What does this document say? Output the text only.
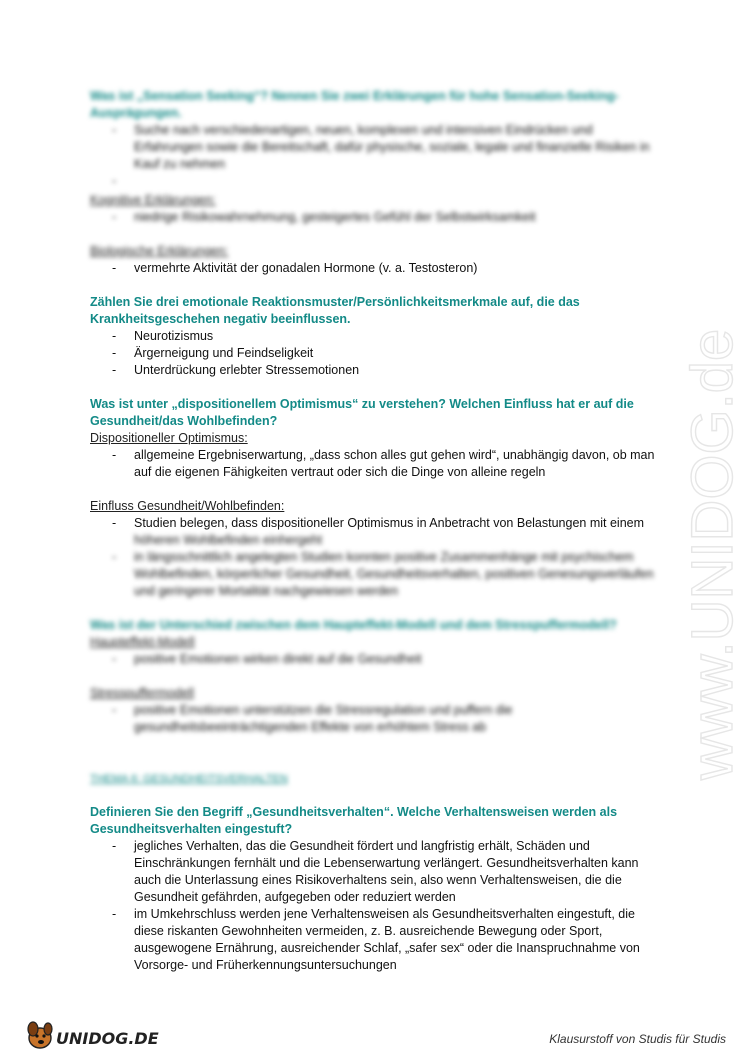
www.UNIDOG.de

Was ist „Sensation Seeking“? Nennen Sie zwei Erklärungen für hohe Sensation-Seeking-Ausprägungen.

- Suche nach verschiedenartigen, neuen, komplexen und intensiven Eindrücken und Erfahrungen sowie die Bereitschaft, dafür physische, soziale, legale und finanzielle Risiken in Kauf zu nehmen
-

Kognitive Erklärungen:

- niedrige Risikowahrnehmung, gesteigertes Gefühl der Selbstwirksamkeit

Biologische Erklärungen:

- vermehrte Aktivität der gonadalen Hormone (v. a. Testosteron)

Zählen Sie drei emotionale Reaktionsmuster/Persönlichkeitsmerkmale auf, die das Krankheitsgeschehen negativ beeinflussen.

- Neurotizismus
- Ärgerneigung und Feindseligkeit
- Unterdrückung erlebter Stressemotionen

Was ist unter „dispositionellem Optimismus“ zu verstehen? Welchen Einfluss hat er auf die Gesundheit/das Wohlbefinden?

Dispositioneller Optimismus:

- allgemeine Ergebniserwartung, „dass schon alles gut gehen wird“, unabhängig davon, ob man auf die eigenen Fähigkeiten vertraut oder sich die Dinge von alleine regeln

Einfluss Gesundheit/Wohlbefinden:

- Studien belegen, dass dispositioneller Optimismus in Anbetracht von Belastungen mit einem
höheren Wohlbefinden einhergeht
- in längsschnittlich angelegten Studien konnten positive Zusammenhänge mit psychischem Wohlbefinden, körperlicher Gesundheit, Gesundheitsverhalten, positiven Genesungsverläufen und geringerer Mortalität nachgewiesen werden

Was ist der Unterschied zwischen dem Haupteffekt-Modell und dem Stresspuffermodell?

Haupteffekt-Modell

- positive Emotionen wirken direkt auf die Gesundheit

Stresspuffermodell

- positive Emotionen unterstützen die Stressregulation und puffern die gesundheitsbeeinträchtigenden Effekte von erhöhtem Stress ab

THEMA 6: GESUNDHEITSVERHALTEN

Definieren Sie den Begriff „Gesundheitsverhalten“. Welche Verhaltensweisen werden als Gesundheitsverhalten eingestuft?

- jegliches Verhalten, das die Gesundheit fördert und langfristig erhält, Schäden und Einschränkungen fernhält und die Lebenserwartung verlängert. Gesundheitsverhalten kann auch die Unterlassung eines Risikoverhaltens sein, also wenn Verhaltensweisen, die die Gesundheit gefährden, aufgegeben oder reduziert werden
- im Umkehrschluss werden jene Verhaltensweisen als Gesundheitsverhalten eingestuft, die diese riskanten Gewohnheiten vermeiden, z. B. ausreichende Bewegung oder Sport, ausgewogene Ernährung, ausreichender Schlaf, „safer sex“ oder die Inanspruchnahme von Vorsorge- und Früherkennungsuntersuchungen
UNIDOG.DE	Klausurstoff von Studis für Studis
